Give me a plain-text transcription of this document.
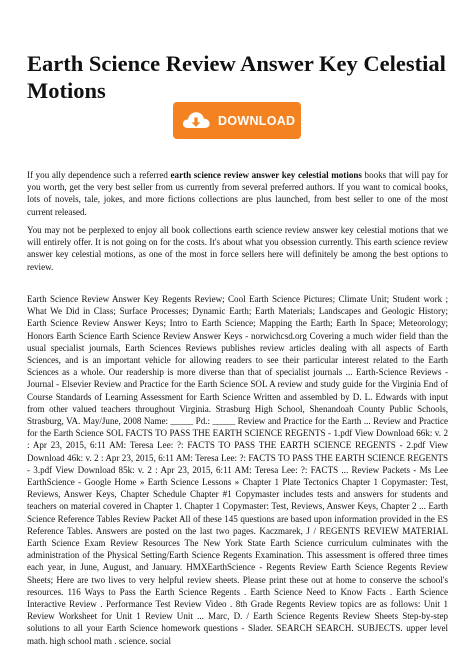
Earth Science Review Answer Key Celestial Motions
DOWNLOAD

If you ally dependence such a referred earth science review answer key celestial motions books that will pay for you worth, get the very best seller from us currently from several preferred authors. If you want to comical books, lots of novels, tale, jokes, and more fictions collections are plus launched, from best seller to one of the most current released.

You may not be perplexed to enjoy all book collections earth science review answer key celestial motions that we will entirely offer. It is not going on for the costs. It's about what you obsession currently. This earth science review answer key celestial motions, as one of the most in force sellers here will definitely be among the best options to review.

Earth Science Review Answer Key Regents Review; Cool Earth Science Pictures; Climate Unit; Student work ; What We Did in Class; Surface Processes; Dynamic Earth; Earth Materials; Landscapes and Geologic History; Earth Science Review Answer Keys; Intro to Earth Science; Mapping the Earth; Earth In Space; Meteorology; Honors Earth Science Earth Science Review Answer Keys - norwichcsd.org Covering a much wider field than the usual specialist journals, Earth Sciences Reviews publishes review articles dealing with all aspects of Earth Sciences, and is an important vehicle for allowing readers to see their particular interest related to the Earth Sciences as a whole. Our readership is more diverse than that of specialist journals ... Earth-Science Reviews - Journal - Elsevier Review and Practice for the Earth Science SOL A review and study guide for the Virginia End of Course Standards of Learning Assessment for Earth Science Written and assembled by D. L. Edwards with input from other valued teachers throughout Virginia. Strasburg High School, Shenandoah County Public Schools, Strasburg, VA. May/June, 2008 Name: _____ Pd.: _____ Review and Practice for the Earth ... Review and Practice for the Earth Science SOL FACTS TO PASS THE EARTH SCIENCE REGENTS - 1.pdf View Download 66k: v. 2 : Apr 23, 2015, 6:11 AM: Teresa Lee: ?: FACTS TO PASS THE EARTH SCIENCE REGENTS - 2.pdf View Download 46k: v. 2 : Apr 23, 2015, 6:11 AM: Teresa Lee: ?: FACTS TO PASS THE EARTH SCIENCE REGENTS - 3.pdf View Download 85k: v. 2 : Apr 23, 2015, 6:11 AM: Teresa Lee: ?: FACTS ... Review Packets - Ms Lee EarthScience - Google Home » Earth Science Lessons » Chapter 1 Plate Tectonics Chapter 1 Copymaster: Test, Reviews, Answer Keys, Chapter Schedule Chapter #1 Copymaster includes tests and answers for students and teachers on material covered in Chapter 1. Chapter 1 Copymaster: Test, Reviews, Answer Keys, Chapter 2 ... Earth Science Reference Tables Review Packet All of these 145 questions are based upon information provided in the ES Reference Tables. Answers are posted on the last two pages. Kaczmarek, J / REGENTS REVIEW MATERIAL Earth Science Exam Review Resources The New York State Earth Science curriculum culminates with the administration of the Physical Setting/Earth Science Regents Examination. This assessment is offered three times each year, in June, August, and January. HMXEarthScience - Regents Review Earth Science Regents Review Sheets; Here are two lives to very helpful review sheets. Please print these out at home to conserve the school's resources. 116 Ways to Pass the Earth Science Regents . Earth Science Need to Know Facts . Earth Science Interactive Review . Performance Test Review Video . 8th Grade Regents Review topics are as follows: Unit 1 Review Worksheet for Unit 1 Review Unit ... Marc, D. / Earth Science Regents Review Sheets Step-by-step solutions to all your Earth Science homework questions - Slader. SEARCH SEARCH. SUBJECTS. upper level math. high school math . science. social
